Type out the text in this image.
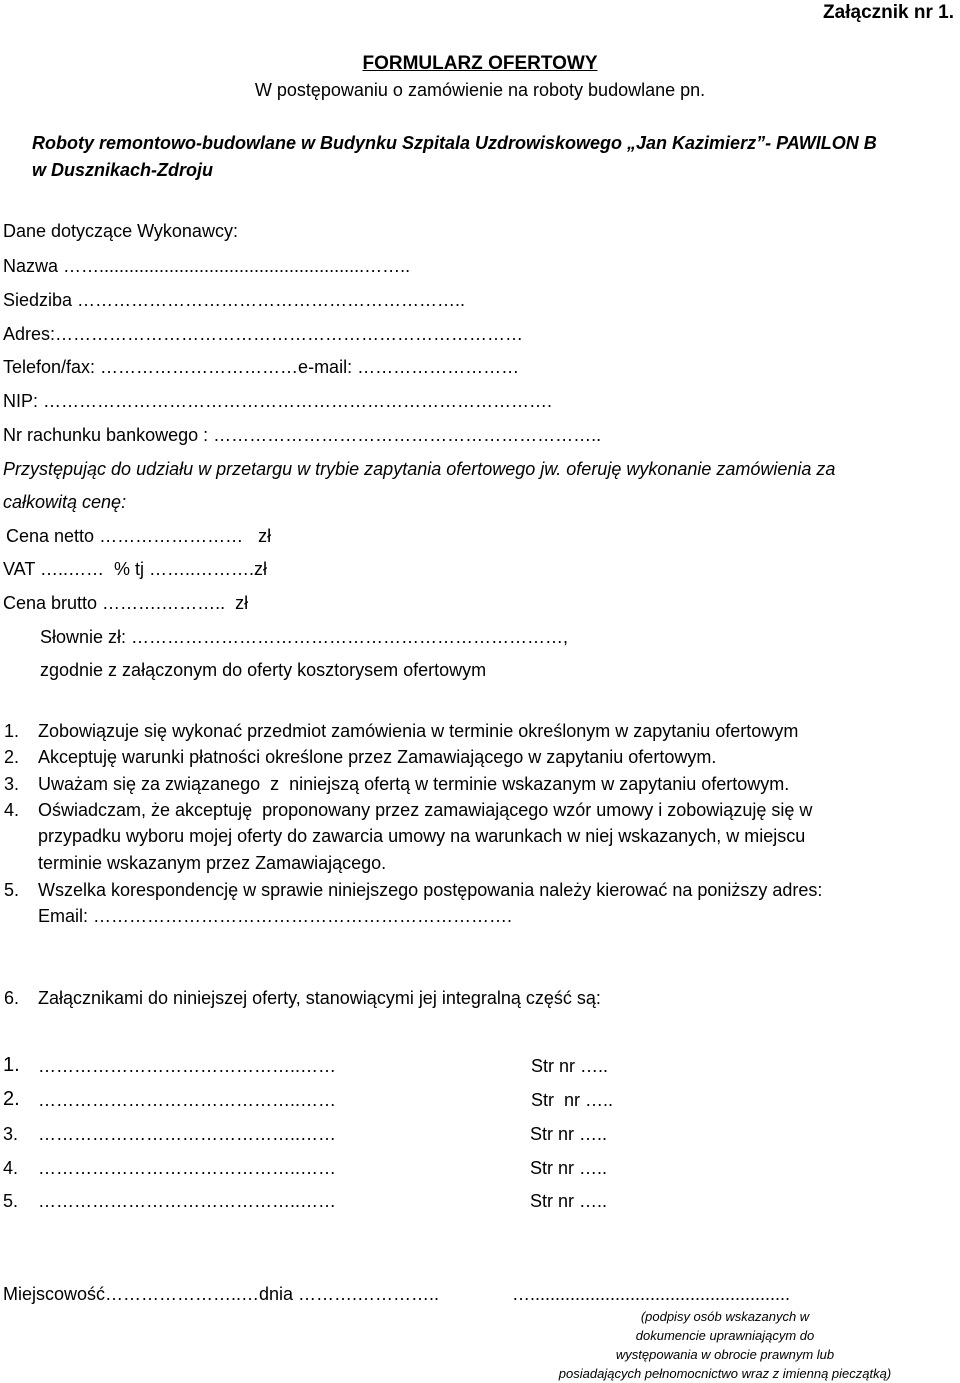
Załącznik nr 1.
FORMULARZ OFERTOWY
W postępowaniu o zamówienie na roboty budowlane pn.
Roboty remontowo-budowlane w Budynku Szpitala Uzdrowiskowego „Jan Kazimierz”- PAWILON B
w Dusznikach-Zdroju
Dane dotyczące Wykonawcy:
Nazwa …….....................................................……..
Siedziba ………………………………………………………..
Adres:……………………………………………………………………
Telefon/fax: ……………………………e-mail: ………………………
NIP: ………………………………………………………………………….
Nr rachunku bankowego : ………………………………………………………..
Przystępując do udziału w przetargu w trybie zapytania ofertowego jw. oferuję wykonanie zamówienia za
całkowitą cenę:
Cena netto ……………………   zł
VAT …..……  % tj ……..……….zł
Cena brutto ……….………..  zł
Słownie zł: ………………………………………………………………,
zgodnie z załączonym do oferty kosztorysem ofertowym
1. Zobowiązuje się wykonać przedmiot zamówienia w terminie określonym w zapytaniu ofertowym
2. Akceptuję warunki płatności określone przez Zamawiającego w zapytaniu ofertowym.
3. Uważam się za związanego  z  niniejszą ofertą w terminie wskazanym w zapytaniu ofertowym.
4. Oświadczam, że akceptuję  proponowany przez zamawiającego wzór umowy i zobowiązuję się w
przypadku wyboru mojej oferty do zawarcia umowy na warunkach w niej wskazanych, w miejscu
terminie wskazanym przez Zamawiającego.
5. Wszelka korespondencję w sprawie niniejszego postępowania należy kierować na poniższy adres:
Email: …………………………………………………………….
6. Załącznikami do niniejszej oferty, stanowiącymi jej integralną część są:
1. ……………………………………..……	Str nr …..
2. ……………………………………..……	Str  nr …..
3. ……………………………………..……	Str nr …..
4. ……………………………………..……	Str nr …..
5. ……………………………………..……	Str nr …..
Miejscowość…………………..…dnia ……….…………..	…....................................................
(podpisy osób wskazanych w
dokumencie uprawniającym do
występowania w obrocie prawnym lub
posiadających pełnomocnictwo wraz z imienną pieczątką)
